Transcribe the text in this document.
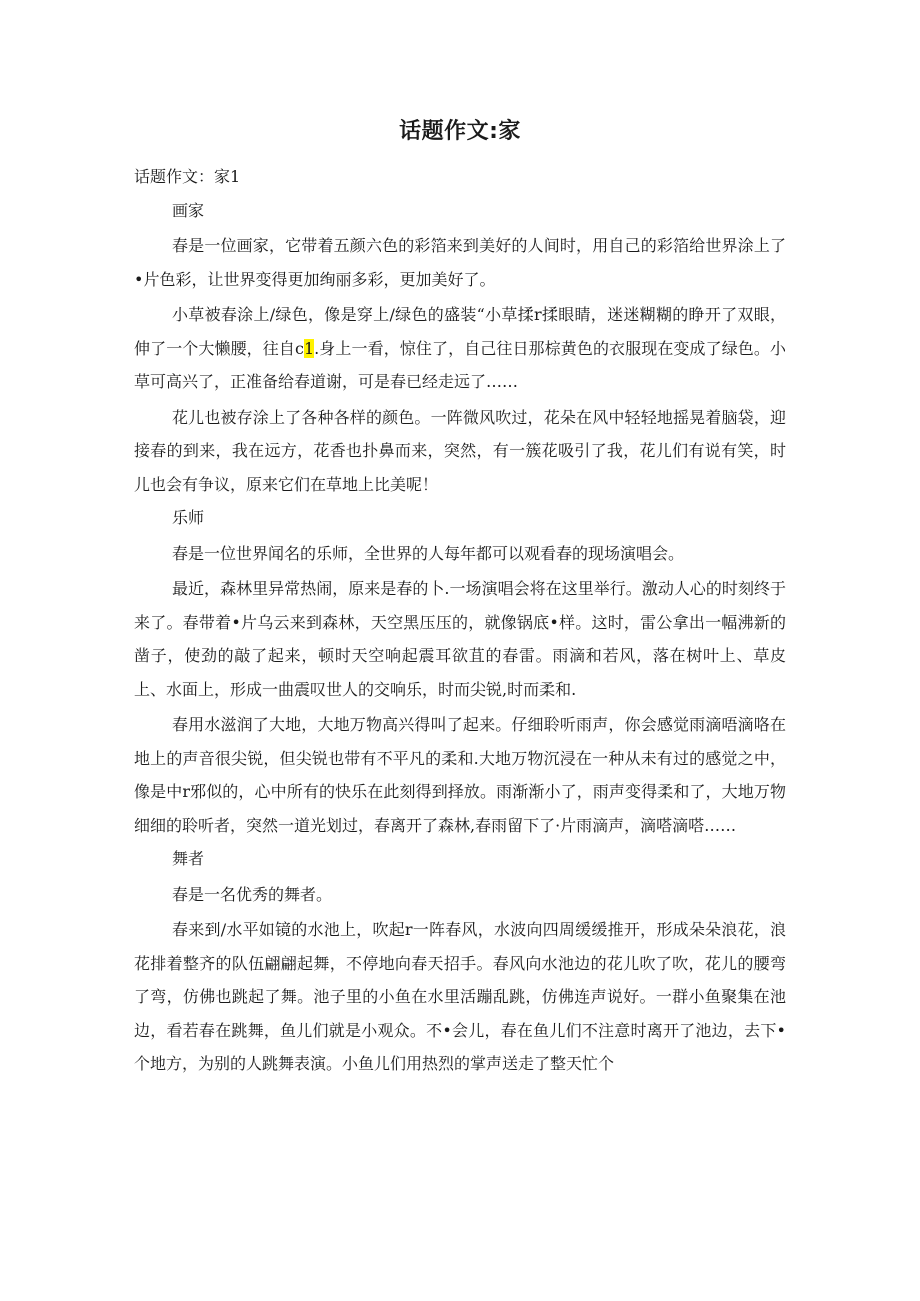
话题作文:家

话题作文：家1

画家

春是一位画家，它带着五颜六色的彩箔来到美好的人间时，用自己的彩箔给世界涂上了•片色彩，让世界变得更加绚丽多彩，更加美好了。

小草被春涂上/绿色，像是穿上/绿色的盛装“小草揉r揉眼睛，迷迷糊糊的睁开了双眼，伸了一个大懒腰，往自c1.身上一看，惊住了，自己往日那棕黄色的衣服现在变成了绿色。小草可高兴了，正准备给春道谢，可是春已经走远了……

花儿也被存涂上了各种各样的颜色。一阵微风吹过，花朵在风中轻轻地摇晃着脑袋，迎接春的到来，我在远方，花香也扑鼻而来，突然，有一簇花吸引了我，花儿们有说有笑，时儿也会有争议，原来它们在草地上比美呢！

乐师

春是一位世界闻名的乐师，全世界的人每年都可以观看春的现场演唱会。

最近，森林里异常热闹，原来是春的卜.一场演唱会将在这里举行。激动人心的时刻终于来了。春带着•片乌云来到森林，天空黑压压的，就像锅底•样。这时，雷公拿出一幅沸新的凿子，使劲的敲了起来，顿时天空响起震耳欲苴的春雷。雨滴和若风，落在树叶上、草皮上、水面上，形成一曲震叹世人的交响乐，时而尖锐,时而柔和.

春用水滋润了大地，大地万物高兴得叫了起来。仔细聆听雨声，你会感觉雨滴唔滴咯在地上的声音很尖锐，但尖锐也带有不平凡的柔和.大地万物沉浸在一种从未有过的感觉之中，像是中r邪似的，心中所有的快乐在此刻得到择放。雨渐渐小了，雨声变得柔和了，大地万物细细的聆听者，突然一道光划过，春离开了森林,春雨留下了·片雨滴声，滴嗒滴嗒……

舞者

春是一名优秀的舞者。

春来到/水平如镜的水池上，吹起r一阵春风，水波向四周缓缓推开，形成朵朵浪花，浪花排着整齐的队伍翩翩起舞，不停地向春天招手。春风向水池边的花儿吹了吹，花儿的腰弯了弯，仿佛也跳起了舞。池子里的小鱼在水里活蹦乱跳，仿佛连声说好。一群小鱼聚集在池边，看若春在跳舞，鱼儿们就是小观众。不•会儿，春在鱼儿们不注意时离开了池边，去下•个地方，为别的人跳舞表演。小鱼儿们用热烈的掌声送走了整天忙个
